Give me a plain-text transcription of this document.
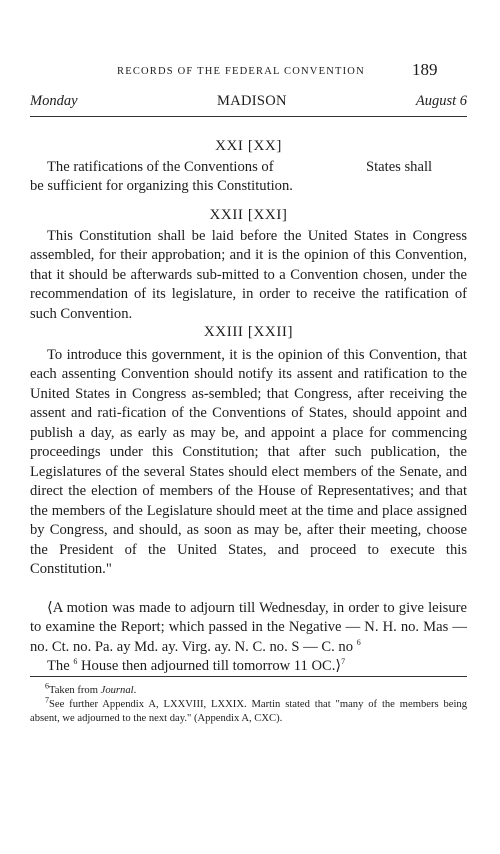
RECORDS OF THE FEDERAL CONVENTION	189
Monday	MADISON	August 6
XXI [XX]
The ratifications of the Conventions of	States shall
be sufficient for organizing this Constitution.
XXII [XXI]

This Constitution shall be laid before the United States in Congress assembled, for their approbation; and it is the opinion of this Convention, that it should be afterwards sub-mitted to a Convention chosen, under the recommendation of its legislature, in order to receive the ratification of such Convention.

XXIII [XXII]

To introduce this government, it is the opinion of this Convention, that each assenting Convention should notify its assent and ratification to the United States in Congress as-sembled; that Congress, after receiving the assent and rati-fication of the Conventions of States, should appoint and publish a day, as early as may be, and appoint a place for commencing proceedings under this Constitution; that after such publication, the Legislatures of the several States should elect members of the Senate, and direct the election of members of the House of Representatives; and that the members of the Legislature should meet at the time and place assigned by Congress, and should, as soon as may be, after their meeting, choose the President of the United States, and proceed to execute this Constitution."

⟨A motion was made to adjourn till Wednesday, in order to give leisure to examine the Report; which passed in the Negative — N. H. no. Mas — no. Ct. no. Pa. ay Md. ay. Virg. ay. N. C. no. S — C. no $^6$

The $^6$ House then adjourned till tomorrow 11 OC.⟩$^7$

$^6$Taken from Journal.

$^7$See further Appendix A, LXXVIII, LXXIX. Martin stated that "many of the members being absent, we adjourned to the next day." (Appendix A, CXC).
